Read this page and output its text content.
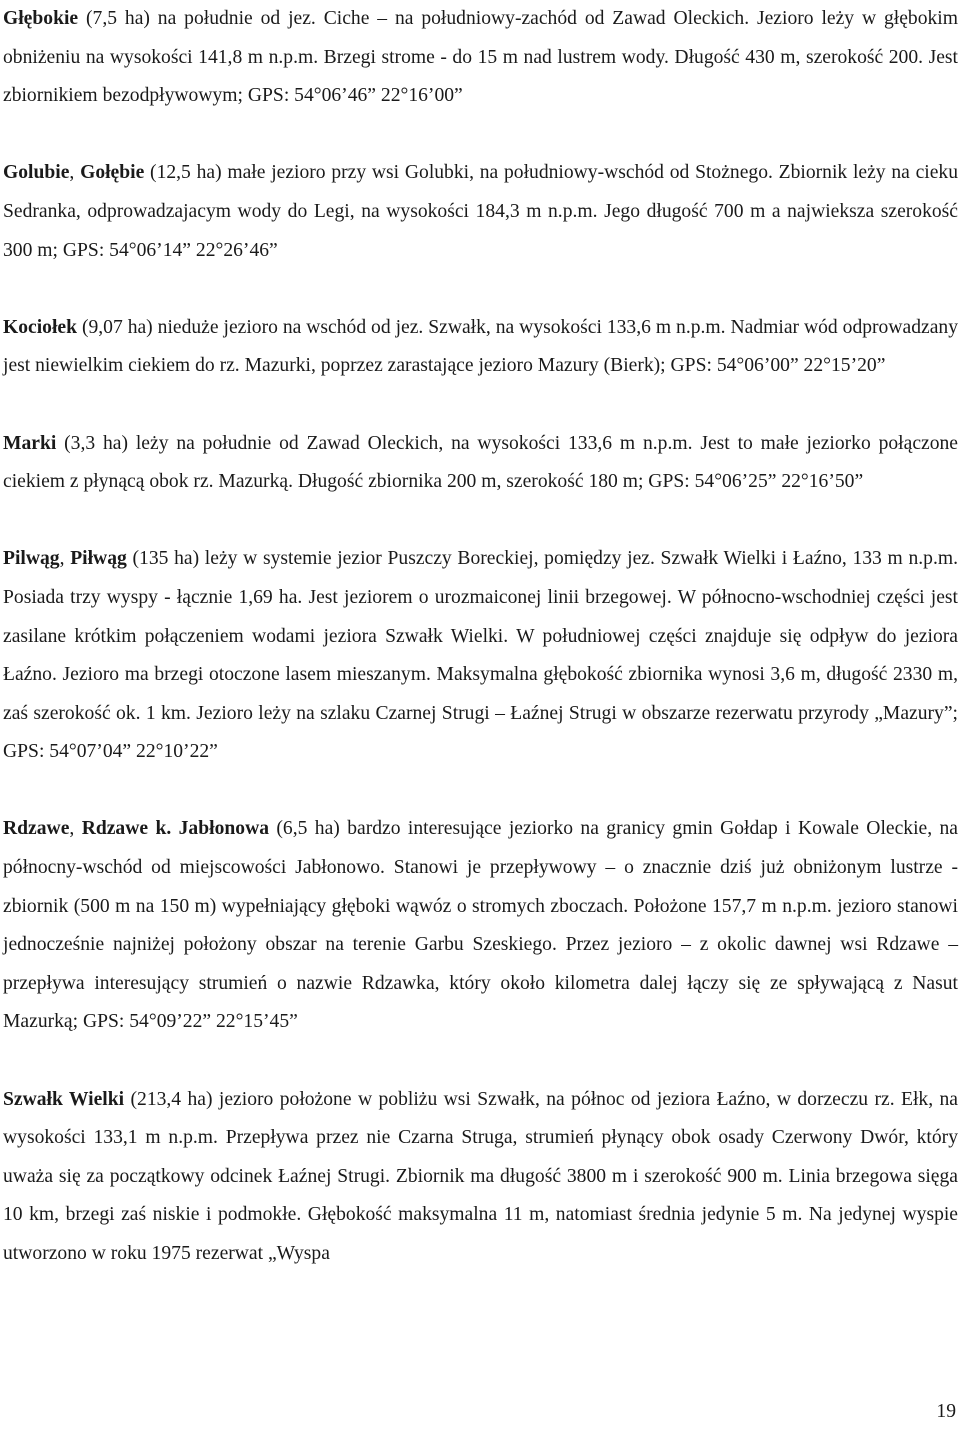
Głębokie (7,5 ha) na południe od jez. Ciche – na południowy-zachód od Zawad Oleckich. Jezioro leży w głębokim obniżeniu na wysokości 141,8 m n.p.m. Brzegi strome - do 15 m nad lustrem wody. Długość 430 m, szerokość 200. Jest zbiornikiem bezodpływowym; GPS: 54°06’46” 22°16’00”

Golubie, Gołębie (12,5 ha) małe jezioro przy wsi Golubki, na południowy-wschód od Stożnego. Zbiornik leży na cieku Sedranka, odprowadzajacym wody do Legi, na wysokości 184,3 m n.p.m. Jego długość 700 m a najwieksza szerokość 300 m; GPS: 54°06’14” 22°26’46”

Kociołek (9,07 ha) nieduże jezioro na wschód od jez. Szwałk, na wysokości 133,6 m n.p.m. Nadmiar wód odprowadzany jest niewielkim ciekiem do rz. Mazurki, poprzez zarastające jezioro Mazury (Bierk); GPS: 54°06’00” 22°15’20”

Marki (3,3 ha) leży na południe od Zawad Oleckich, na wysokości 133,6 m n.p.m. Jest to małe jeziorko połączone ciekiem z płynącą obok rz. Mazurką. Długość zbiornika 200 m, szerokość 180 m; GPS: 54°06’25” 22°16’50”

Pilwąg, Piłwąg (135 ha) leży w systemie jezior Puszczy Boreckiej, pomiędzy jez. Szwałk Wielki i Łaźno, 133 m n.p.m. Posiada trzy wyspy - łącznie 1,69 ha. Jest jeziorem o urozmaiconej linii brzegowej. W północno-wschodniej części jest zasilane krótkim połączeniem wodami jeziora Szwałk Wielki. W południowej części znajduje się odpływ do jeziora Łaźno. Jezioro ma brzegi otoczone lasem mieszanym. Maksymalna głębokość zbiornika wynosi 3,6 m, długość 2330 m, zaś szerokość ok. 1 km. Jezioro leży na szlaku Czarnej Strugi – Łaźnej Strugi w obszarze rezerwatu przyrody „Mazury”; GPS: 54°07’04” 22°10’22”

Rdzawe, Rdzawe k. Jabłonowa (6,5 ha) bardzo interesujące jeziorko na granicy gmin Gołdap i Kowale Oleckie, na północny-wschód od miejscowości Jabłonowo. Stanowi je przepływowy – o znacznie dziś już obniżonym lustrze - zbiornik (500 m na 150 m) wypełniający głęboki wąwóz o stromych zboczach. Położone 157,7 m n.p.m. jezioro stanowi jednocześnie najniżej położony obszar na terenie Garbu Szeskiego. Przez jezioro – z okolic dawnej wsi Rdzawe – przepływa interesujący strumień o nazwie Rdzawka, który około kilometra dalej łączy się ze spływającą z Nasut Mazurką; GPS: 54°09’22” 22°15’45”

Szwałk Wielki (213,4 ha) jezioro położone w pobliżu wsi Szwałk, na północ od jeziora Łaźno, w dorzeczu rz. Ełk, na wysokości 133,1 m n.p.m. Przepływa przez nie Czarna Struga, strumień płynący obok osady Czerwony Dwór, który uważa się za początkowy odcinek Łaźnej Strugi. Zbiornik ma długość 3800 m i szerokość 900 m. Linia brzegowa sięga 10 km, brzegi zaś niskie i podmokłe. Głębokość maksymalna 11 m, natomiast średnia jedynie 5 m. Na jedynej wyspie utworzono w roku 1975 rezerwat „Wyspa

19
